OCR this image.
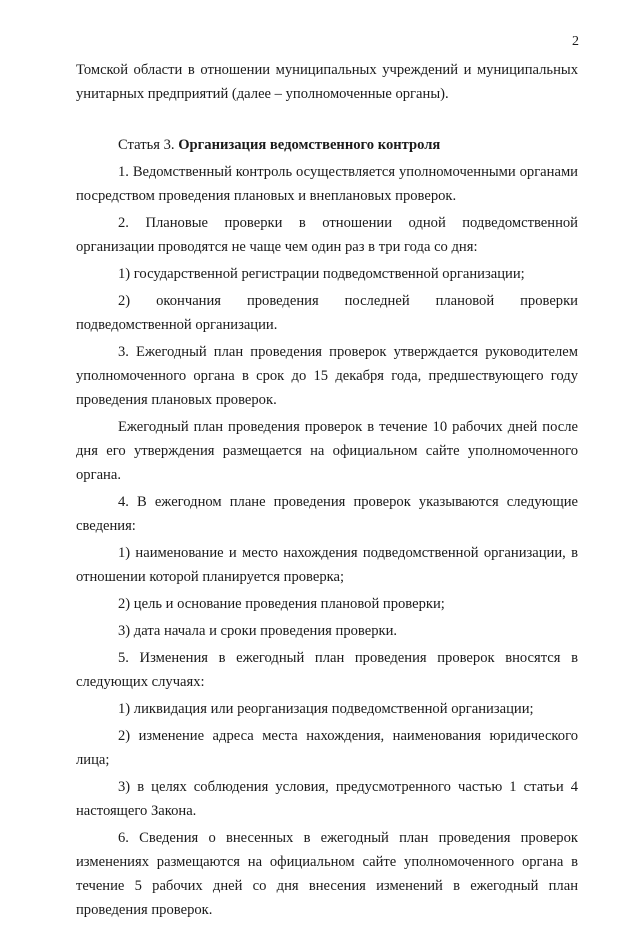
2

Томской области в отношении муниципальных учреждений и муниципальных унитарных предприятий (далее – уполномоченные органы).

Статья 3. Организация ведомственного контроля

1. Ведомственный контроль осуществляется уполномоченными органами посредством проведения плановых и внеплановых проверок.

2. Плановые проверки в отношении одной подведомственной организации проводятся не чаще чем один раз в три года со дня:

1) государственной регистрации подведомственной организации;

2) окончания проведения последней плановой проверки подведомственной организации.

3. Ежегодный план проведения проверок утверждается руководителем уполномоченного органа в срок до 15 декабря года, предшествующего году проведения плановых проверок.

Ежегодный план проведения проверок в течение 10 рабочих дней после дня его утверждения размещается на официальном сайте уполномоченного органа.

4. В ежегодном плане проведения проверок указываются следующие сведения:

1) наименование и место нахождения подведомственной организации, в отношении которой планируется проверка;

2) цель и основание проведения плановой проверки;

3) дата начала и сроки проведения проверки.

5. Изменения в ежегодный план проведения проверок вносятся в следующих случаях:

1) ликвидация или реорганизация подведомственной организации;

2) изменение адреса места нахождения, наименования юридического лица;

3) в целях соблюдения условия, предусмотренного частью 1 статьи 4 настоящего Закона.

6. Сведения о внесенных в ежегодный план проведения проверок изменениях размещаются на официальном сайте уполномоченного органа в течение 5 рабочих дней со дня внесения изменений в ежегодный план проведения проверок.
